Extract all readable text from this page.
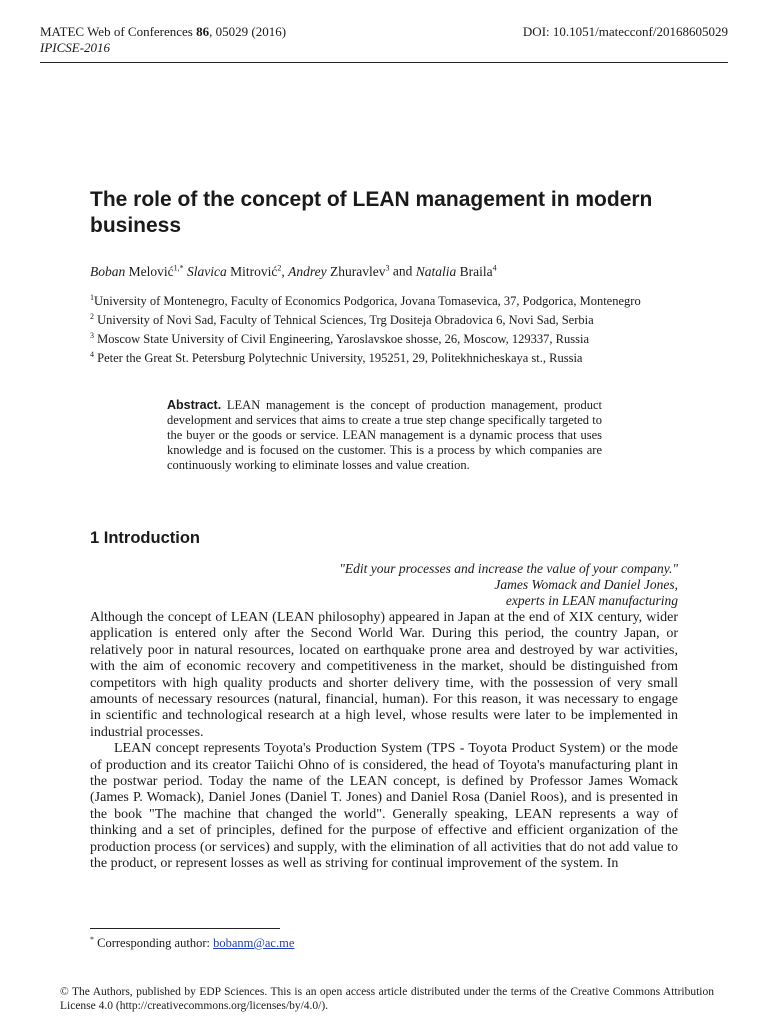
MATEC Web of Conferences 86, 05029 (2016)
IPICSE-2016
DOI: 10.1051/matecconf/20168605029
The role of the concept of LEAN management in modern business
Boban Melović$^{1,*}$ Slavica Mitrović$^2$, Andrey Zhuravlev$^3$ and Natalia Braila$^4$
$^1$University of Montenegro, Faculty of Economics Podgorica, Jovana Tomasevica, 37, Podgorica, Montenegro
$^2$ University of Novi Sad, Faculty of Tehnical Sciences, Trg Dositeja Obradovica 6, Novi Sad, Serbia
$^3$ Moscow State University of Civil Engineering, Yaroslavskoe shosse, 26, Moscow, 129337, Russia
$^4$ Peter the Great St. Petersburg Polytechnic University, 195251, 29, Politekhnicheskaya st., Russia
Abstract. LEAN management is the concept of production management, product development and services that aims to create a true step change specifically targeted to the buyer or the goods or service. LEAN management is a dynamic process that uses knowledge and is focused on the customer. This is a process by which companies are continuously working to eliminate losses and value creation.
1 Introduction
"Edit your processes and increase the value of your company."
James Womack and Daniel Jones,
experts in LEAN manufacturing

Although the concept of LEAN (LEAN philosophy) appeared in Japan at the end of XIX century, wider application is entered only after the Second World War. During this period, the country Japan, or relatively poor in natural resources, located on earthquake prone area and destroyed by war activities, with the aim of economic recovery and competitiveness in the market, should be distinguished from competitors with high quality products and shorter delivery time, with the possession of very small amounts of necessary resources (natural, financial, human). For this reason, it was necessary to engage in scientific and technological research at a high level, whose results were later to be implemented in industrial processes.

LEAN concept represents Toyota's Production System (TPS - Toyota Product System) or the mode of production and its creator Taiichi Ohno of is considered, the head of Toyota's manufacturing plant in the postwar period. Today the name of the LEAN concept, is defined by Professor James Womack (James P. Womack), Daniel Jones (Daniel T. Jones) and Daniel Rosa (Daniel Roos), and is presented in the book "The machine that changed the world". Generally speaking, LEAN represents a way of thinking and a set of principles, defined for the purpose of effective and efficient organization of the production process (or services) and supply, with the elimination of all activities that do not add value to the product, or represent losses as well as striving for continual improvement of the system. In

* Corresponding author: bobanm@ac.me
© The Authors, published by EDP Sciences. This is an open access article distributed under the terms of the Creative Commons Attribution License 4.0 (http://creativecommons.org/licenses/by/4.0/).
